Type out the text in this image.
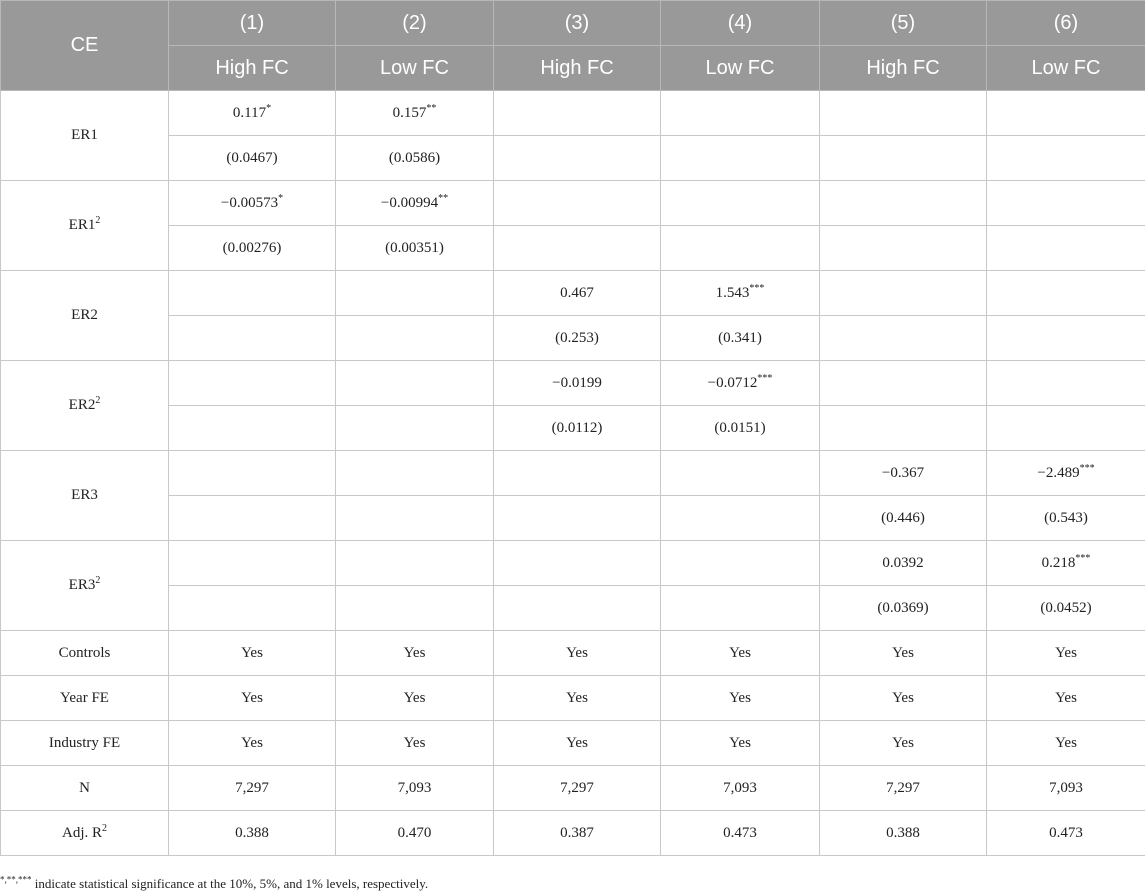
CE	(1)	(2)	(3)	(4)	(5)	(6)
	High FC	Low FC	High FC	Low FC	High FC	Low FC
ER1	0.117*	0.157**				
	(0.0467)	(0.0586)				
$ER1^2$	−0.00573*	−0.00994**				
	(0.00276)	(0.00351)				
ER2			0.467	1.543***		
			(0.253)	(0.341)		
$ER2^2$			−0.0199	−0.0712***		
			(0.0112)	(0.0151)		
ER3					−0.367	−2.489***
					(0.446)	(0.543)
$ER3^2$					0.0392	0.218***
					(0.0369)	(0.0452)
Controls	Yes	Yes	Yes	Yes	Yes	Yes
Year FE	Yes	Yes	Yes	Yes	Yes	Yes
Industry FE	Yes	Yes	Yes	Yes	Yes	Yes
N	7,297	7,093	7,297	7,093	7,297	7,093
Adj. $R^2$	0.388	0.470	0.387	0.473	0.388	0.473
*,**,*** indicate statistical significance at the 10%, 5%, and 1% levels, respectively.
